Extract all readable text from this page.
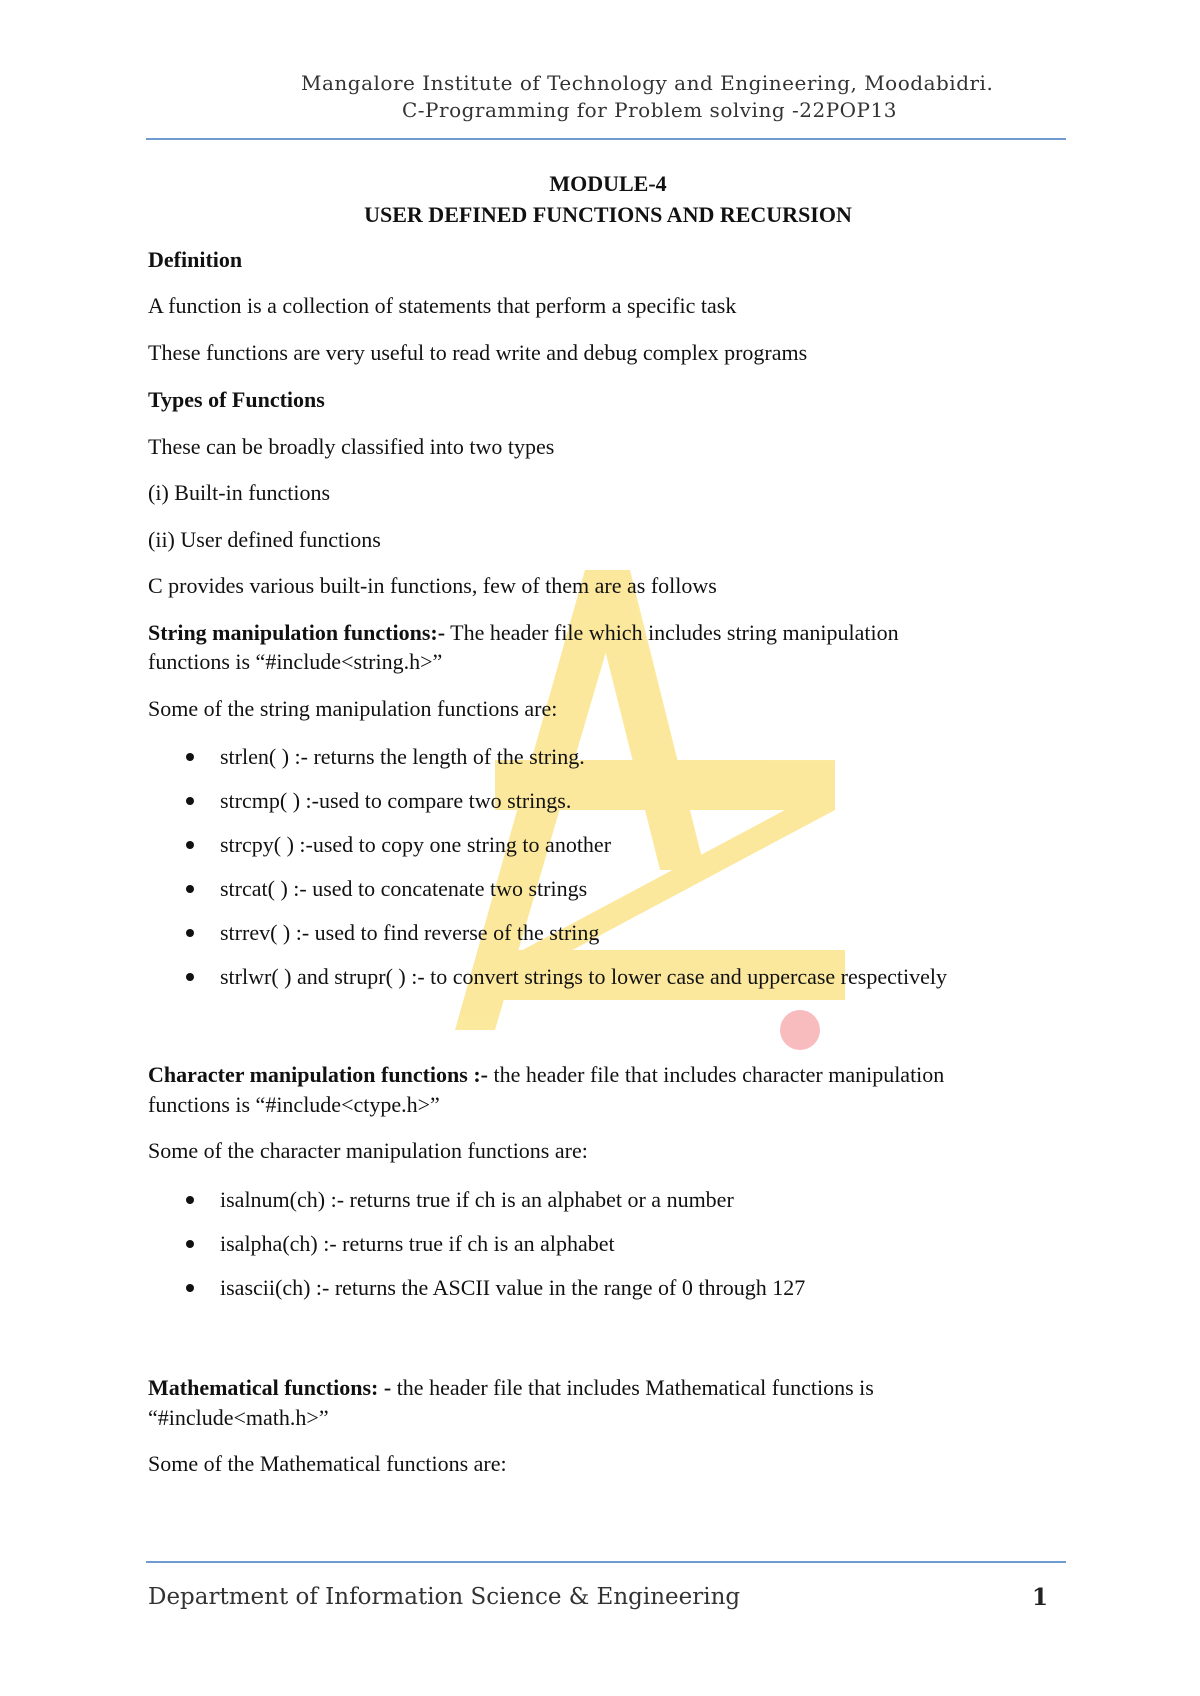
Mangalore Institute of Technology and Engineering, Moodabidri.
C-Programming for Problem solving -22POP13
MODULE-4
USER DEFINED FUNCTIONS AND RECURSION
Definition
A function is a collection of statements that perform a specific task
These functions are very useful to read write and debug complex programs
Types of Functions
These can be broadly classified into two types
(i) Built-in functions
(ii) User defined functions
C provides various built-in functions, few of them are as follows
String manipulation functions:- The header file which includes string manipulation
functions is “#include<string.h>”
Some of the string manipulation functions are:
strlen( ) :- returns the length of the string.
strcmp( ) :-used to compare two strings.
strcpy( ) :-used to copy one string to another
strcat( ) :- used to concatenate two strings
strrev( ) :- used to find reverse of the string
strlwr( ) and strupr( ) :- to convert strings to lower case and uppercase respectively
Character manipulation functions :- the header file that includes character manipulation
functions is “#include<ctype.h>”
Some of the character manipulation functions are:
isalnum(ch) :- returns true if ch is an alphabet or a number
isalpha(ch) :- returns true if ch is an alphabet
isascii(ch) :- returns the ASCII value in the range of 0 through 127
Mathematical functions: - the header file that includes Mathematical functions is
“#include<math.h>”
Some of the Mathematical functions are:
Department of Information Science & Engineering	1
